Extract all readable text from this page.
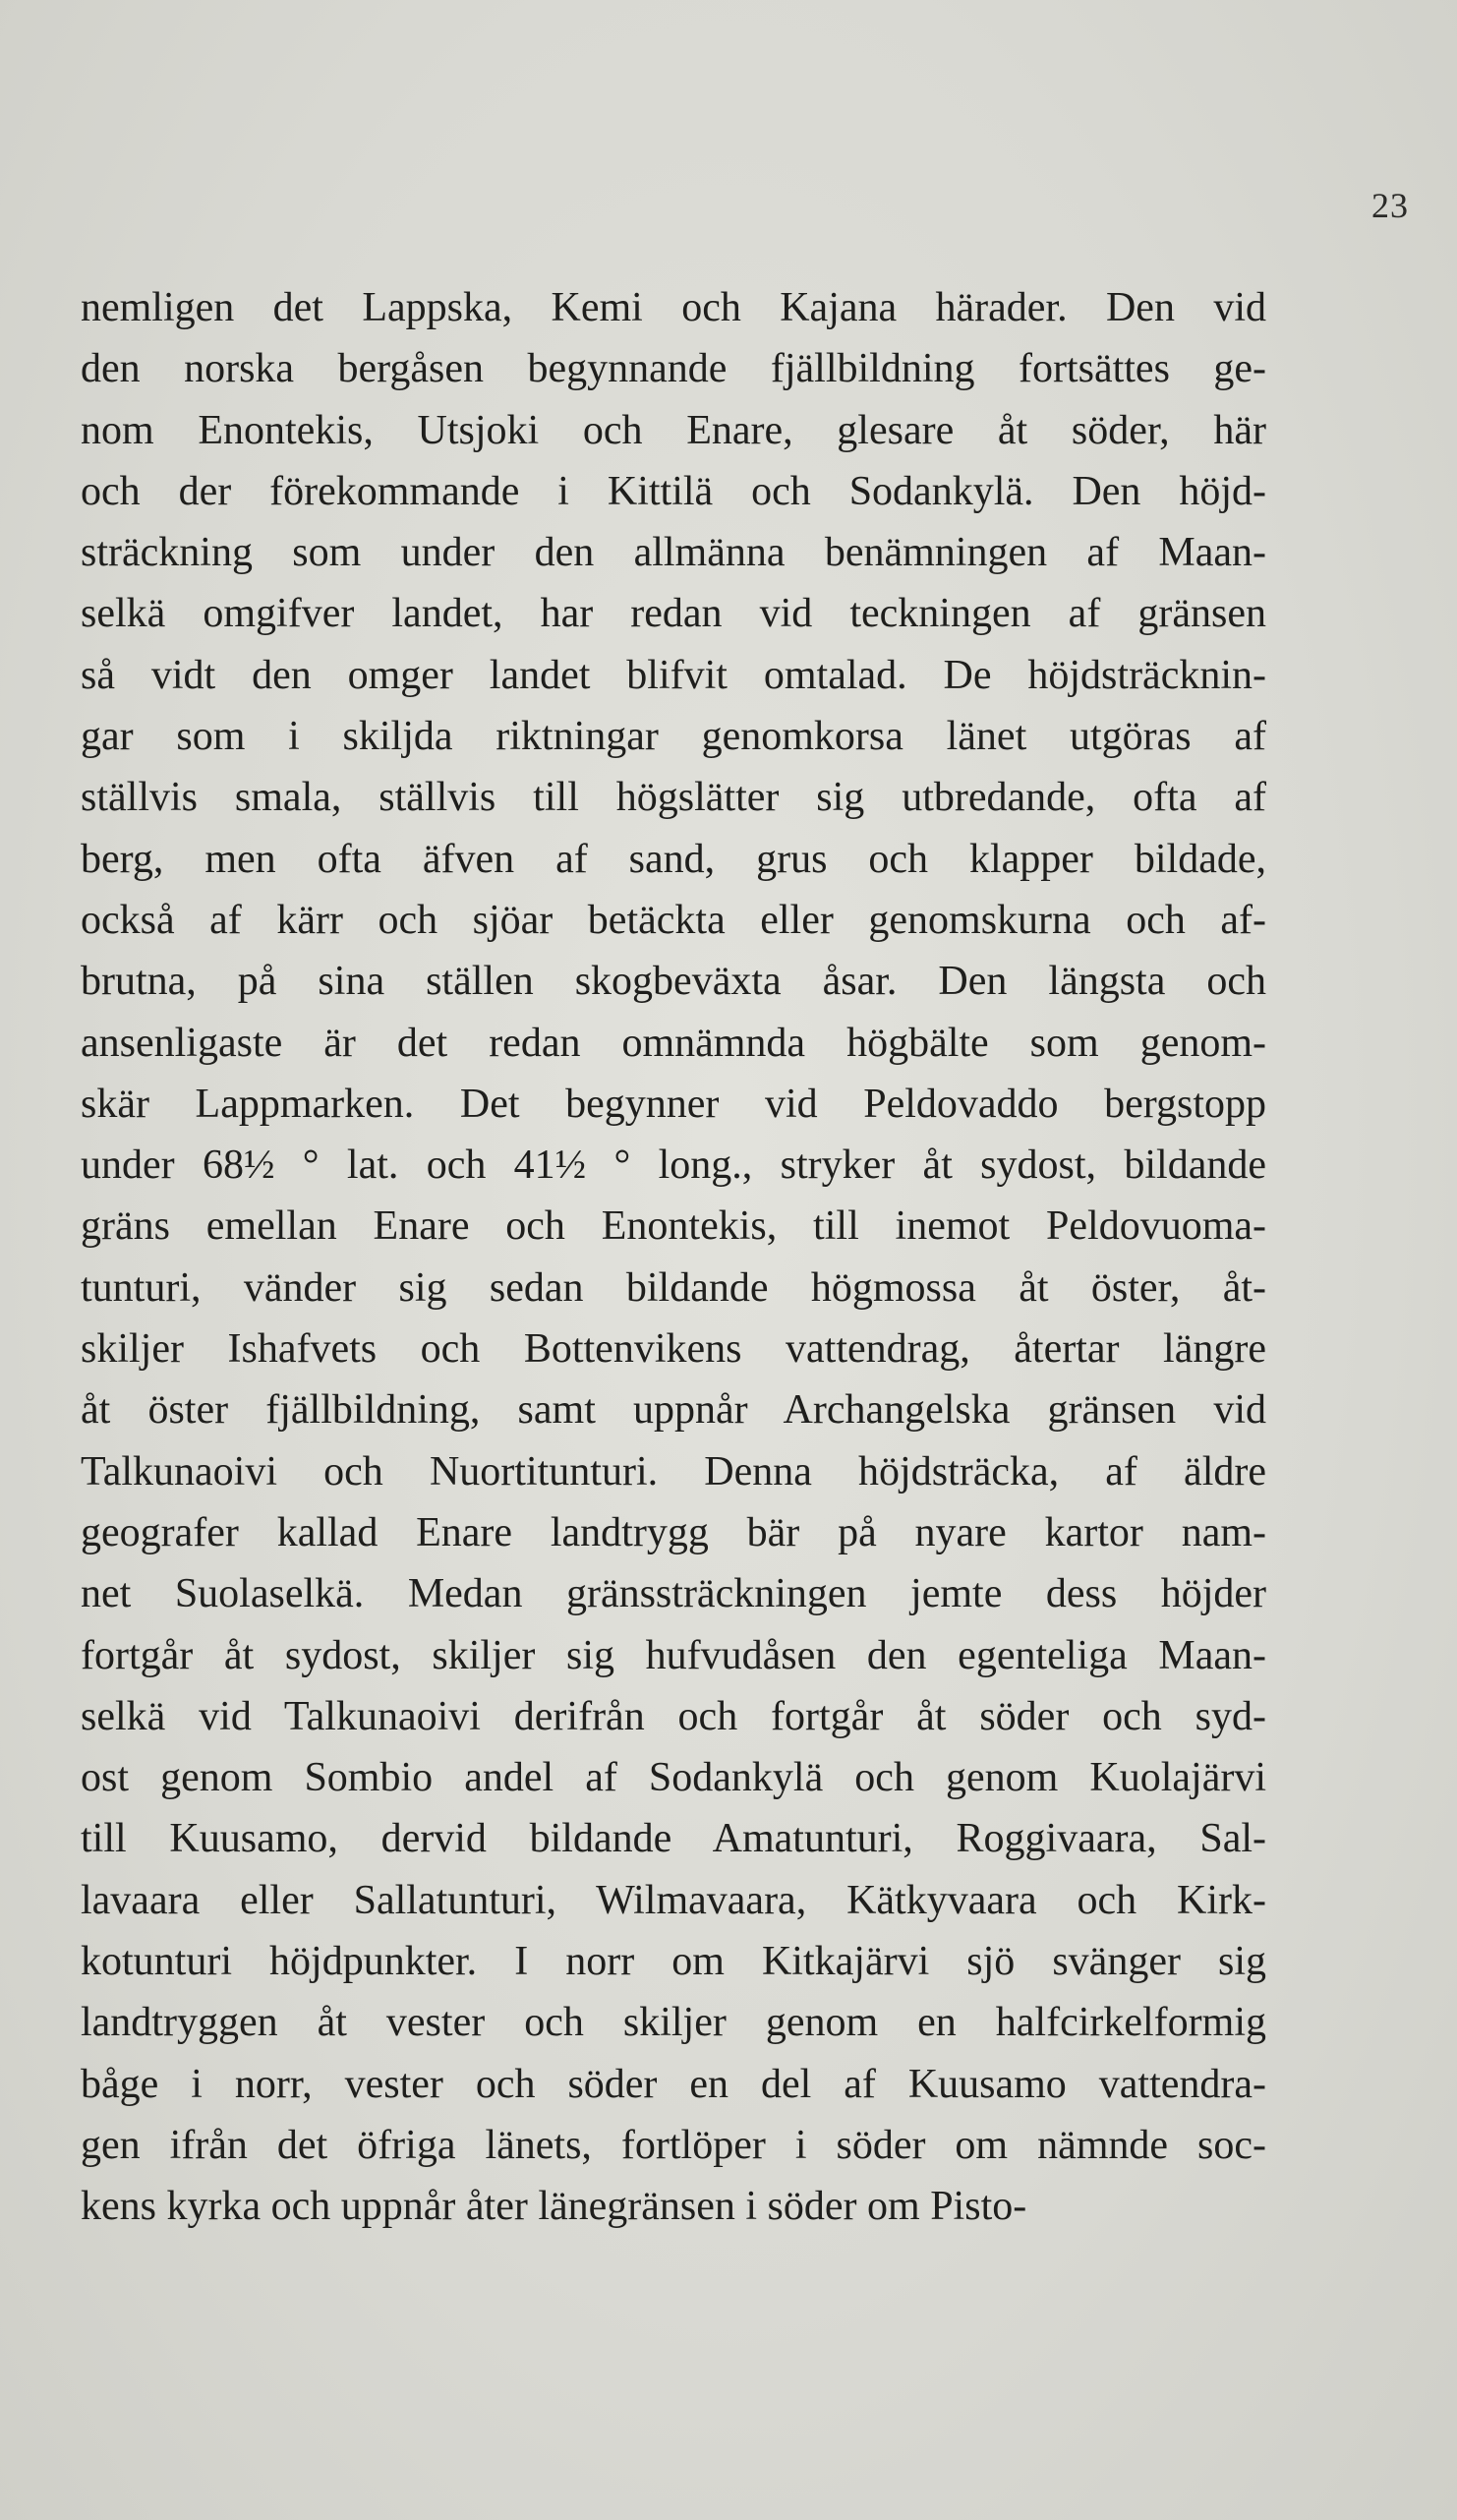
23
nemligen det Lappska, Kemi och Kajana härader. Den vid
den norska bergåsen begynnande fjällbildning fortsättes ge-
nom Enontekis, Utsjoki och Enare, glesare åt söder, här
och der förekommande i Kittilä och Sodankylä. Den höjd-
sträckning som under den allmänna benämningen af Maan-
selkä omgifver landet, har redan vid teckningen af gränsen
så vidt den omger landet blifvit omtalad. De höjdsträcknin-
gar som i skiljda riktningar genomkorsa länet utgöras af
ställvis smala, ställvis till högslätter sig utbredande, ofta af
berg, men ofta äfven af sand, grus och klapper bildade,
också af kärr och sjöar betäckta eller genomskurna och af-
brutna, på sina ställen skogbeväxta åsar. Den längsta och
ansenligaste är det redan omnämnda högbälte som genom-
skär Lappmarken. Det begynner vid Peldovaddo bergstopp
under 68½ ° lat. och 41½ ° long., stryker åt sydost, bildande
gräns emellan Enare och Enontekis, till inemot Peldovuoma-
tunturi, vänder sig sedan bildande högmossa åt öster, åt-
skiljer Ishafvets och Bottenvikens vattendrag, återtar längre
åt öster fjällbildning, samt uppnår Archangelska gränsen vid
Talkunaoivi och Nuortitunturi. Denna höjdsträcka, af äldre
geografer kallad Enare landtrygg bär på nyare kartor nam-
net Suolaselkä. Medan gränssträckningen jemte dess höjder
fortgår åt sydost, skiljer sig hufvudåsen den egenteliga Maan-
selkä vid Talkunaoivi derifrån och fortgår åt söder och syd-
ost genom Sombio andel af Sodankylä och genom Kuolajärvi
till Kuusamo, dervid bildande Amatunturi, Roggivaara, Sal-
lavaara eller Sallatunturi, Wilmavaara, Kätkyvaara och Kirk-
kotunturi höjdpunkter. I norr om Kitkajärvi sjö svänger sig
landtryggen åt vester och skiljer genom en halfcirkelformig
båge i norr, vester och söder en del af Kuusamo vattendra-
gen ifrån det öfriga länets, fortlöper i söder om nämnde soc-
kens kyrka och uppnår åter länegränsen i söder om Pisto-
